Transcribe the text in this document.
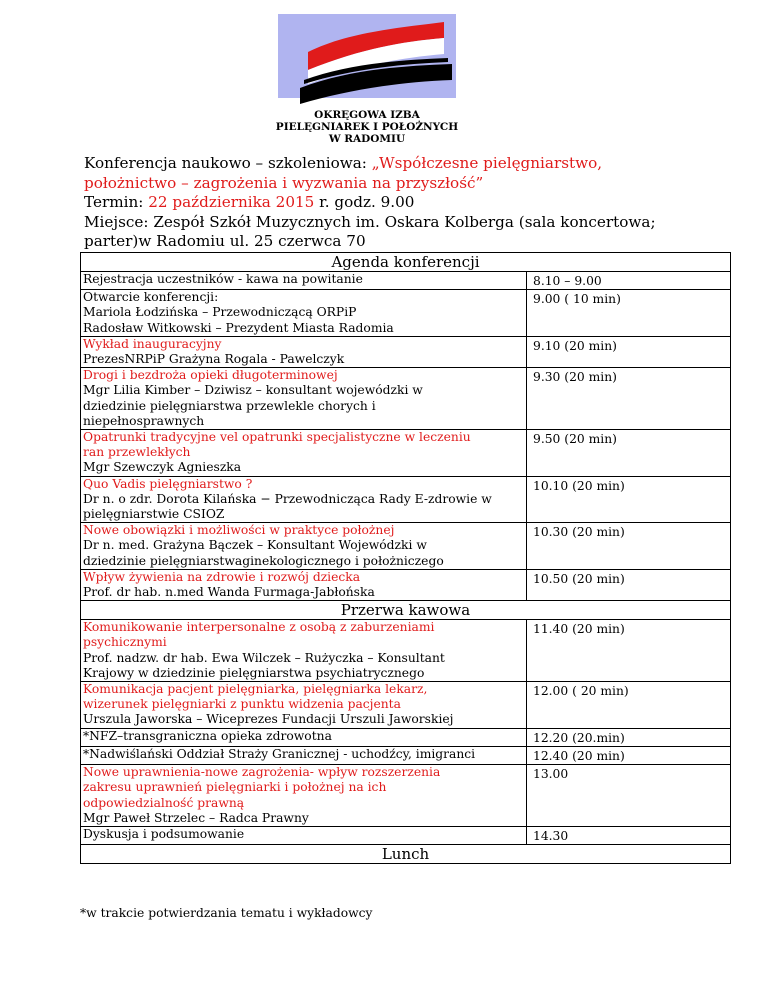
OKRĘGOWA IZBA
PIELĘGNIAREK I POŁOŻNYCH
W RADOMIU
Konferencja naukowo – szkoleniowa: „Współczesne pielęgniarstwo,
położnictwo – zagrożenia i wyzwania na przyszłość”
Termin: 22 października 2015 r. godz. 9.00
Miejsce: Zespół Szkół Muzycznych im. Oskara Kolberga (sala koncertowa;
parter)w Radomiu ul. 25 czerwca 70
Agenda konferencji	

Rejestracja uczestników - kawa na powitanie	8.10 – 9.00

Otwarcie konferencji:
Mariola Łodzińska – Przewodniczącą ORPiP
Radosław Witkowski – Prezydent Miasta Radomia	9.00 ( 10 min)

Wykład inauguracyjny
PrezesNRPiP Grażyna Rogala - Pawelczyk	9.10 (20 min)

Drogi i bezdroża opieki długoterminowej
Mgr Lilia Kimber – Dziwisz – konsultant wojewódzki w
dziedzinie pielęgniarstwa przewlekle chorych i
niepełnosprawnych	9.30 (20 min)

Opatrunki tradycyjne vel opatrunki specjalistyczne w leczeniu
ran przewlekłych
Mgr Szewczyk Agnieszka	9.50 (20 min)

Quo Vadis pielęgniarstwo ?
Dr n. o zdr. Dorota Kilańska − Przewodnicząca Rady E-zdrowie w
pielęgniarstwie CSIOZ	10.10 (20 min)

Nowe obowiązki i możliwości w praktyce położnej
Dr n. med. Grażyna Bączek – Konsultant Wojewódzki w
dziedzinie pielęgniarstwaginekologicznego i położniczego	10.30 (20 min)

Wpływ żywienia na zdrowie i rozwój dziecka
Prof. dr hab. n.med Wanda Furmaga-Jabłońska	10.50 (20 min)
Przerwa kawowa	

Komunikowanie interpersonalne z osobą z zaburzeniami
psychicznymi
Prof. nadzw. dr hab. Ewa Wilczek – Rużyczka – Konsultant
Krajowy w dziedzinie pielęgniarstwa psychiatrycznego	11.40 (20 min)

Komunikacja pacjent pielęgniarka, pielęgniarka lekarz,
wizerunek pielęgniarki z punktu widzenia pacjenta
Urszula Jaworska – Wiceprezes Fundacji Urszuli Jaworskiej	12.00 ( 20 min)

*NFZ–transgraniczna opieka zdrowotna	12.20 (20.min)

*Nadwiślański Oddział Straży Granicznej - uchodźcy, imigranci	12.40 (20 min)

Nowe uprawnienia-nowe zagrożenia- wpływ rozszerzenia
zakresu uprawnień pielęgniarki i położnej na ich
odpowiedzialność prawną
Mgr Paweł Strzelec – Radca Prawny	13.00

Dyskusja i podsumowanie	14.30
Lunch	
*w trakcie potwierdzania tematu i wykładowcy
